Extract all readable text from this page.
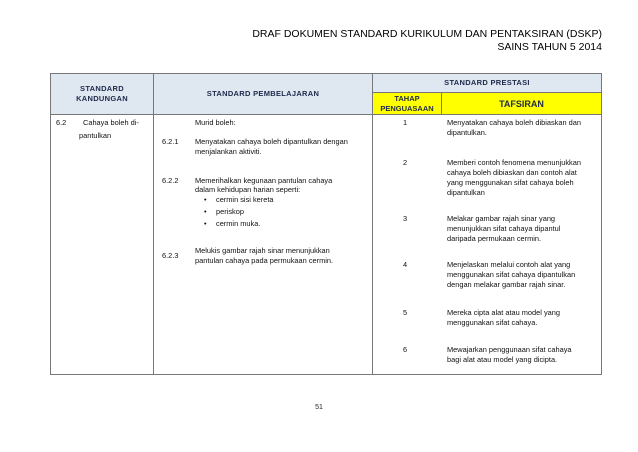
DRAF DOKUMEN STANDARD KURIKULUM DAN PENTAKSIRAN (DSKP)
SAINS TAHUN 5 2014
STANDARD KANDUNGAN
STANDARD PEMBELAJARAN
STANDARD PRESTASI
TAHAP PENGUASAAN	TAFSIRAN
6.2 Cahaya boleh di-
pantulkan
Murid boleh:
6.2.1 Menyatakan cahaya boleh dipantulkan dengan
menjalankan aktiviti.
6.2.2 Memerihalkan kegunaan pantulan cahaya
dalam kehidupan harian seperti:
• cermin sisi kereta
• periskop
• cermin muka.
6.2.3
Melukis gambar rajah sinar menunjukkan
pantulan cahaya pada permukaan cermin.
1
2
3
4
5
6
Menyatakan cahaya boleh dibiaskan dan
dipantulkan.
Memberi contoh fenomena menunjukkan
cahaya boleh dibiaskan dan contoh alat
yang menggunakan sifat cahaya boleh
dipantulkan
Melakar gambar rajah sinar yang
menunjukkan sifat cahaya dipantul
daripada permukaan cermin.
Menjelaskan melalui contoh alat yang
menggunakan sifat cahaya dipantulkan
dengan melakar gambar rajah sinar.
Mereka cipta alat atau model yang
menggunakan sifat cahaya.
Mewajarkan penggunaan sifat cahaya
bagi alat atau model yang dicipta.
51
